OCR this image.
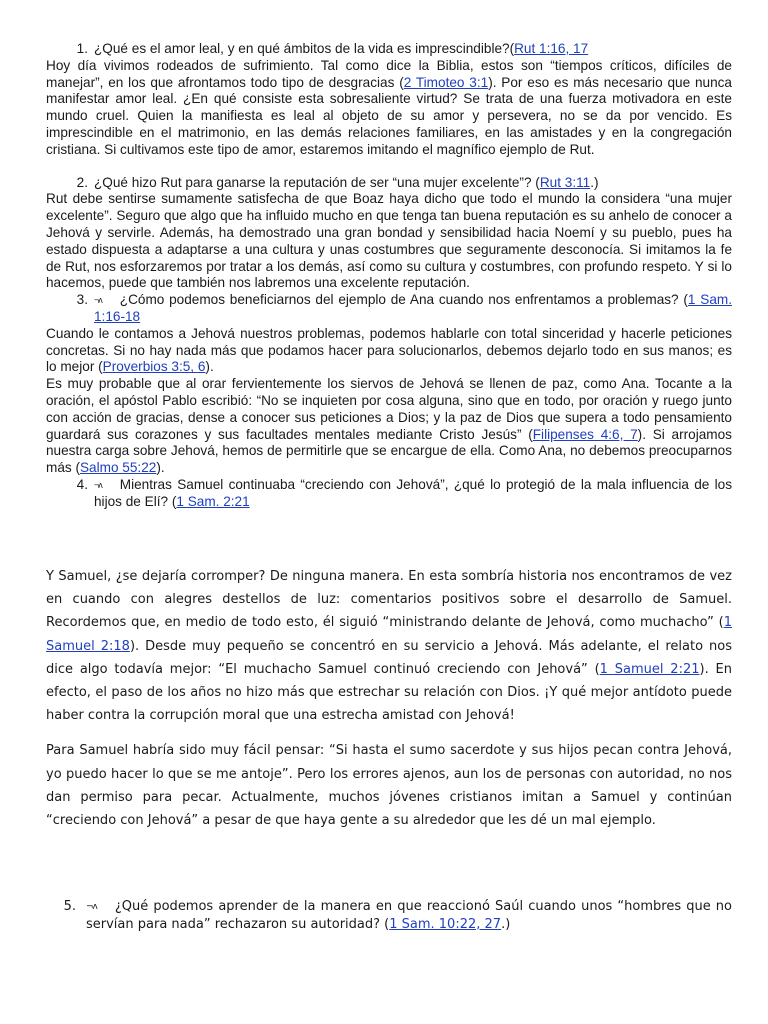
1. ¿Qué es el amor leal, y en qué ámbitos de la vida es imprescindible?(Rut 1:16, 17

Hoy día vivimos rodeados de sufrimiento. Tal como dice la Biblia, estos son “tiempos críticos, difíciles de manejar”, en los que afrontamos todo tipo de desgracias (2 Timoteo 3:1). Por eso es más necesario que nunca manifestar amor leal. ¿En qué consiste esta sobresaliente virtud? Se trata de una fuerza motivadora en este mundo cruel. Quien la manifiesta es leal al objeto de su amor y persevera, no se da por vencido. Es imprescindible en el matrimonio, en las demás relaciones familiares, en las amistades y en la congregación cristiana. Si cultivamos este tipo de amor, estaremos imitando el magnífico ejemplo de Rut.

2. ¿Qué hizo Rut para ganarse la reputación de ser “una mujer excelente”? (Rut 3:11.)

Rut debe sentirse sumamente satisfecha de que Boaz haya dicho que todo el mundo la considera “una mujer excelente”. Seguro que algo que ha influido mucho en que tenga tan buena reputación es su anhelo de conocer a Jehová y servirle. Además, ha demostrado una gran bondad y sensibilidad hacia Noemí y su pueblo, pues ha estado dispuesta a adaptarse a una cultura y unas costumbres que seguramente desconocía. Si imitamos la fe de Rut, nos esforzaremos por tratar a los demás, así como su cultura y costumbres, con profundo respeto. Y si lo hacemos, puede que también nos labremos una excelente reputación.

3. ¬ʌ ¿Cómo podemos beneficiarnos del ejemplo de Ana cuando nos enfrentamos a problemas? (1 Sam. 1:16-18

Cuando le contamos a Jehová nuestros problemas, podemos hablarle con total sinceridad y hacerle peticiones concretas. Si no hay nada más que podamos hacer para solucionarlos, debemos dejarlo todo en sus manos; es lo mejor (Proverbios 3:5, 6).

Es muy probable que al orar fervientemente los siervos de Jehová se llenen de paz, como Ana. Tocante a la oración, el apóstol Pablo escribió: “No se inquieten por cosa alguna, sino que en todo, por oración y ruego junto con acción de gracias, dense a conocer sus peticiones a Dios; y la paz de Dios que supera a todo pensamiento guardará sus corazones y sus facultades mentales mediante Cristo Jesús” (Filipenses 4:6, 7). Si arrojamos nuestra carga sobre Jehová, hemos de permitirle que se encargue de ella. Como Ana, no debemos preocuparnos más (Salmo 55:22).

4. ¬ʌ Mientras Samuel continuaba “creciendo con Jehová”, ¿qué lo protegió de la mala influencia de los hijos de Elí? (1 Sam. 2:21

Y Samuel, ¿se dejaría corromper? De ninguna manera. En esta sombría historia nos encontramos de vez en cuando con alegres destellos de luz: comentarios positivos sobre el desarrollo de Samuel. Recordemos que, en medio de todo esto, él siguió “ministrando delante de Jehová, como muchacho” (1 Samuel 2:18). Desde muy pequeño se concentró en su servicio a Jehová. Más adelante, el relato nos dice algo todavía mejor: “El muchacho Samuel continuó creciendo con Jehová” (1 Samuel 2:21). En efecto, el paso de los años no hizo más que estrechar su relación con Dios. ¡Y qué mejor antídoto puede haber contra la corrupción moral que una estrecha amistad con Jehová!

Para Samuel habría sido muy fácil pensar: “Si hasta el sumo sacerdote y sus hijos pecan contra Jehová, yo puedo hacer lo que se me antoje”. Pero los errores ajenos, aun los de personas con autoridad, no nos dan permiso para pecar. Actualmente, muchos jóvenes cristianos imitan a Samuel y continúan “creciendo con Jehová” a pesar de que haya gente a su alrededor que les dé un mal ejemplo.

5.	¬ʌ ¿Qué podemos aprender de la manera en que reaccionó Saúl cuando unos “hombres que no servían para nada” rechazaron su autoridad? (1 Sam. 10:22, 27.)
